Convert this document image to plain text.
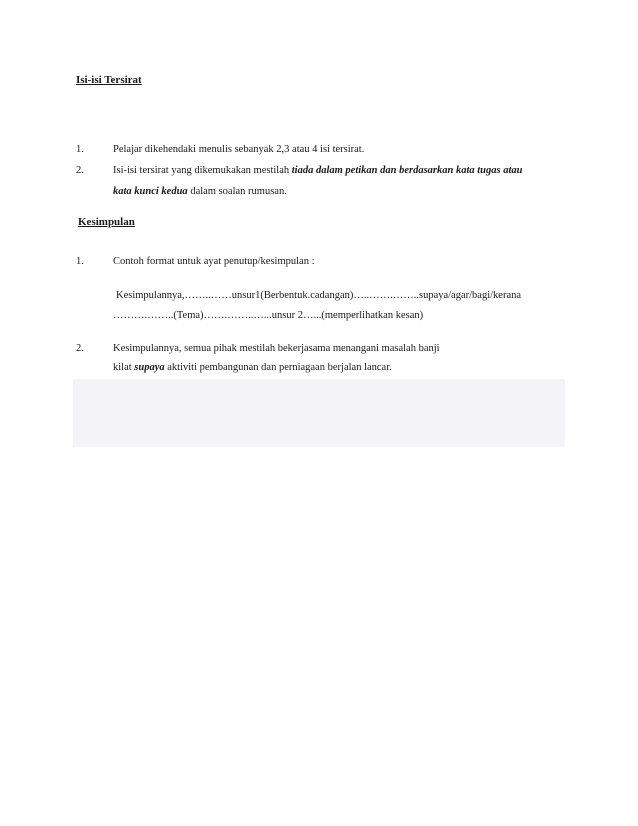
Isi-isi Tersirat
1.	Pelajar dikehendaki menulis sebanyak 2,3 atau 4 isi tersirat.
2.	Isi-isi tersirat yang dikemukakan mestilah tiada dalam petikan dan berdasarkan kata tugas atau
kata kunci kedua dalam soalan rumusan.
Kesimpulan
1.	Contoh format untuk ayat penutup/kesimpulan :
Kesimpulannya,……..……unsur1(Berbentuk.cadangan)…..…….……..supaya/agar/bagi/kerana
……….……..(Tema)…….……..…...unsur 2…...(memperlihatkan kesan)
2.	Kesimpulannya, semua pihak mestilah bekerjasama menangani masalah banji
kilat supaya aktiviti pembangunan dan perniagaan berjalan lancar.
